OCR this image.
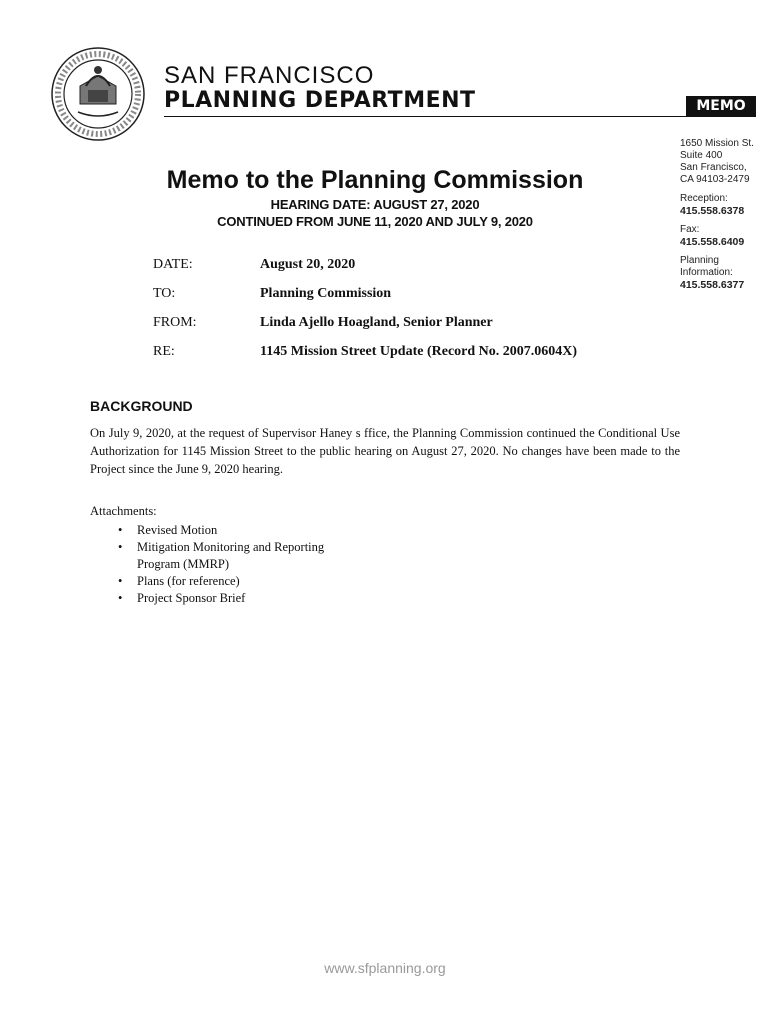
SAN FRANCISCO
PLANNING DEPARTMENT	MEMO
1650 Mission St.
Suite 400
San Francisco,
CA 94103-2479
Reception:
415.558.6378
Fax:
415.558.6409
Planning
Information:
415.558.6377
Memo to the Planning Commission
HEARING DATE: AUGUST 27, 2020
CONTINUED FROM JUNE 11, 2020 AND JULY 9, 2020
DATE:	August 20, 2020
TO:	Planning Commission
FROM:	Linda Ajello Hoagland, Senior Planner
RE:	1145 Mission Street Update (Record No. 2007.0604X)
BACKGROUND
On July 9, 2020, at the request of Supervisor Haney s ffice, the Planning Commission continued the Conditional Use Authorization for 1145 Mission Street to the public hearing on August 27, 2020. No changes have been made to the Project since the June 9, 2020 hearing.
Attachments:
• Revised Motion
• Mitigation Monitoring and Reporting Program (MMRP)
• Plans (for reference)
• Project Sponsor Brief
www.sfplanning.org
